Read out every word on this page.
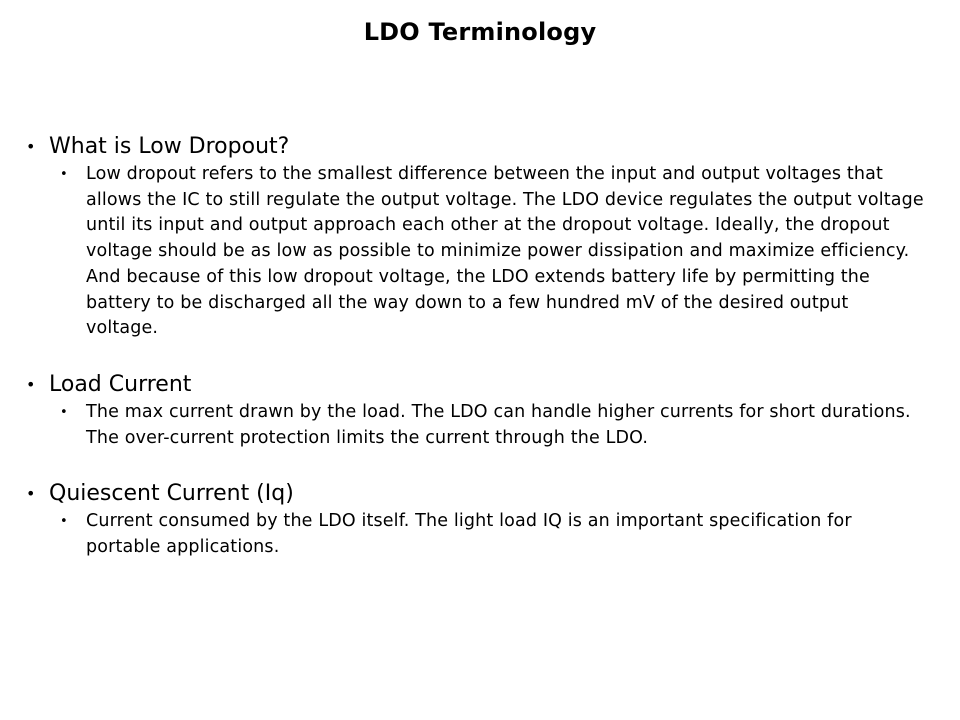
LDO Terminology
• What is Low Dropout?
• Low dropout refers to the smallest difference between the input and output voltages that allows the IC to still regulate the output voltage. The LDO device regulates the output voltage until its input and output approach each other at the dropout voltage. Ideally, the dropout voltage should be as low as possible to minimize power dissipation and maximize efficiency. And because of this low dropout voltage, the LDO extends battery life by permitting the battery to be discharged all the way down to a few hundred mV of the desired output voltage.
• Load Current
• The max current drawn by the load. The LDO can handle higher currents for short durations. The over-current protection limits the current through the LDO.
• Quiescent Current (Iq)
• Current consumed by the LDO itself. The light load IQ is an important specification for portable applications.
